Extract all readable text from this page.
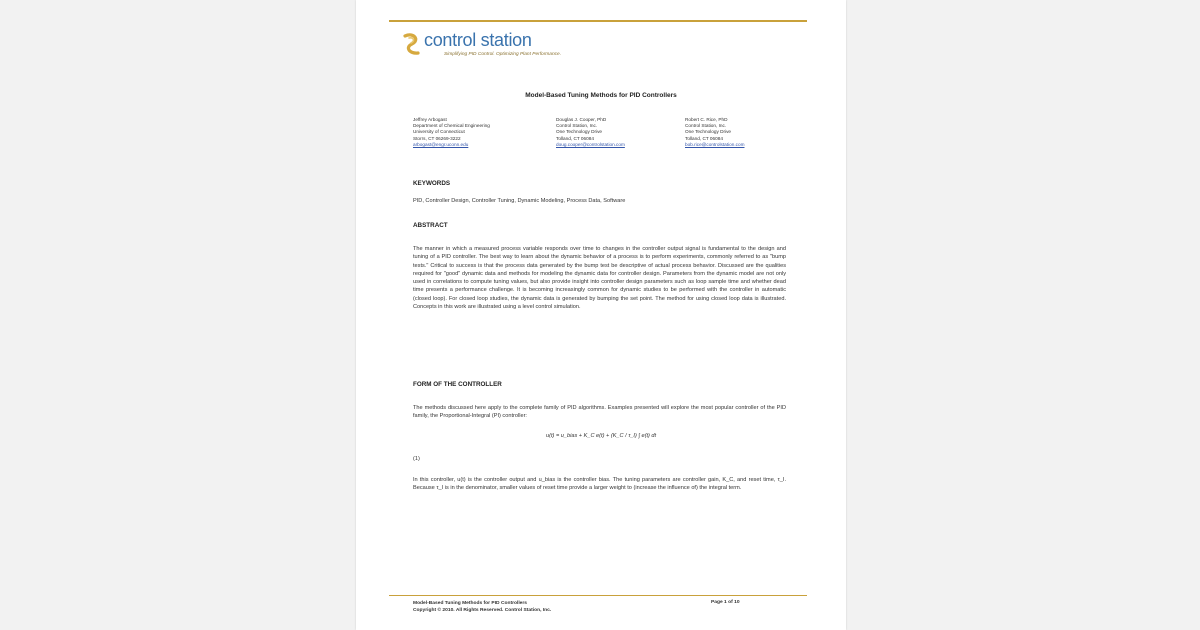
control station
Simplifying PID Control. Optimizing Plant Performance.
Model-Based Tuning Methods for PID Controllers
Jeffrey Arbogast
Department of Chemical Engineering
University of Connecticut
Storrs, CT 06269-3222
arbogast@engr.uconn.edu
Douglas J. Cooper, PhD
Control Station, Inc.
One Technology Drive
Tolland, CT 06084
doug.cooper@controlstation.com
Robert C. Rice, PhD
Control Station, Inc.
One Technology Drive
Tolland, CT 06084
bob.rice@controlstation.com
KEYWORDS
PID, Controller Design, Controller Tuning, Dynamic Modeling, Process Data, Software
ABSTRACT
The manner in which a measured process variable responds over time to changes in the controller output signal is fundamental to the design and tuning of a PID controller. The best way to learn about the dynamic behavior of a process is to perform experiments, commonly referred to as "bump tests." Critical to success is that the process data generated by the bump test be descriptive of actual process behavior. Discussed are the qualities required for "good" dynamic data and methods for modeling the dynamic data for controller design. Parameters from the dynamic model are not only used in correlations to compute tuning values, but also provide insight into controller design parameters such as loop sample time and whether dead time presents a performance challenge. It is becoming increasingly common for dynamic studies to be performed with the controller in automatic (closed loop). For closed loop studies, the dynamic data is generated by bumping the set point. The method for using closed loop data is illustrated. Concepts in this work are illustrated using a level control simulation.
FORM OF THE CONTROLLER
The methods discussed here apply to the complete family of PID algorithms. Examples presented will explore the most popular controller of the PID family, the Proportional-Integral (PI) controller:
u(t) = u_bias + K_C e(t) + (K_C / τ_I) ∫ e(t) dt
(1)
In this controller, u(t) is the controller output and u_bias is the controller bias. The tuning parameters are controller gain, K_C, and reset time, τ_I. Because τ_I is in the denominator, smaller values of reset time provide a larger weight to (increase the influence of) the integral term.
Model-Based Tuning Methods for PID Controllers
Copyright © 2010. All Rights Reserved. Control Station, Inc.
Page 1 of 10
